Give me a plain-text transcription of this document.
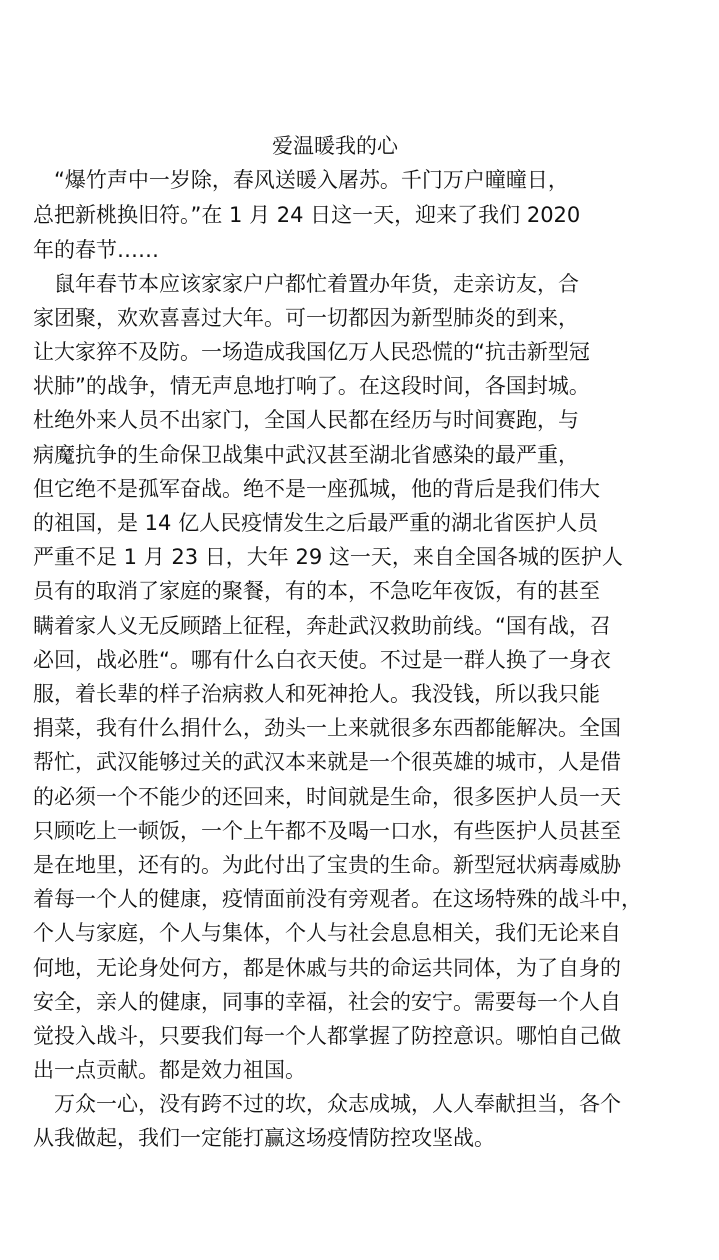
爱温暖我的心
　“爆竹声中一岁除，春风送暖入屠苏。千门万户曈曈日，
总把新桃换旧符。”在 1 月 24 日这一天，迎来了我们 2020
年的春节……
　鼠年春节本应该家家户户都忙着置办年货，走亲访友，合
家团聚，欢欢喜喜过大年。可一切都因为新型肺炎的到来，
让大家猝不及防。一场造成我国亿万人民恐慌的“抗击新型冠
状肺”的战争，情无声息地打响了。在这段时间，各国封城。
杜绝外来人员不出家门，全国人民都在经历与时间赛跑，与
病魔抗争的生命保卫战集中武汉甚至湖北省感染的最严重，
但它绝不是孤军奋战。绝不是一座孤城，他的背后是我们伟大
的祖国，是 14 亿人民疫情发生之后最严重的湖北省医护人员
严重不足 1 月 23 日，大年 29 这一天，来自全国各城的医护人
员有的取消了家庭的聚餐，有的本，不急吃年夜饭，有的甚至
瞒着家人义无反顾踏上征程，奔赴武汉救助前线。“国有战，召
必回，战必胜“。哪有什么白衣天使。不过是一群人换了一身衣
服，着长辈的样子治病救人和死神抢人。我没钱，所以我只能
捐菜，我有什么捐什么，劲头一上来就很多东西都能解决。全国
帮忙，武汉能够过关的武汉本来就是一个很英雄的城市，人是借
的必须一个不能少的还回来，时间就是生命，很多医护人员一天
只顾吃上一顿饭，一个上午都不及喝一口水，有些医护人员甚至
是在地里，还有的。为此付出了宝贵的生命。新型冠状病毒威胁
着每一个人的健康，疫情面前没有旁观者。在这场特殊的战斗中，
个人与家庭，个人与集体，个人与社会息息相关，我们无论来自
何地，无论身处何方，都是休戚与共的命运共同体，为了自身的
安全，亲人的健康，同事的幸福，社会的安宁。需要每一个人自
觉投入战斗，只要我们每一个人都掌握了防控意识。哪怕自己做
出一点贡献。都是效力祖国。
　万众一心，没有跨不过的坎，众志成城，人人奉献担当，各个
从我做起，我们一定能打赢这场疫情防控攻坚战。
